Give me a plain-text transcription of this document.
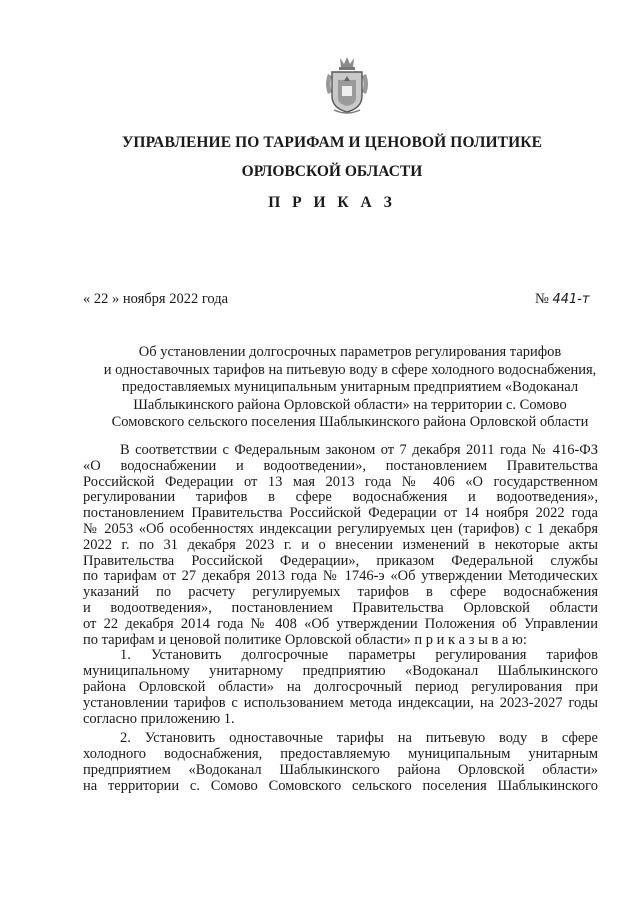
УПРАВЛЕНИЕ ПО ТАРИФАМ И ЦЕНОВОЙ ПОЛИТИКЕ
ОРЛОВСКОЙ ОБЛАСТИ
П Р И К А З
« 22 » ноября 2022 года	№ 441-т
Об установлении долгосрочных параметров регулирования тарифов
и одноставочных тарифов на питьевую воду в сфере холодного водоснабжения,
предоставляемых муниципальным унитарным предприятием «Водоканал
Шаблыкинского района Орловской области» на территории с. Сомово
Сомовского сельского поселения Шаблыкинского района Орловской области
В соответствии с Федеральным законом от 7 декабря 2011 года № 416-ФЗ
«О водоснабжении и водоотведении», постановлением Правительства
Российской Федерации от 13 мая 2013 года № 406 «О государственном
регулировании тарифов в сфере водоснабжения и водоотведения»,
постановлением Правительства Российской Федерации от 14 ноября 2022 года
№ 2053 «Об особенностях индексации регулируемых цен (тарифов) с 1 декабря
2022 г. по 31 декабря 2023 г. и о внесении изменений в некоторые акты
Правительства Российской Федерации», приказом Федеральной службы
по тарифам от 27 декабря 2013 года № 1746-э «Об утверждении Методических
указаний по расчету регулируемых тарифов в сфере водоснабжения
и водоотведения», постановлением Правительства Орловской области
от 22 декабря 2014 года № 408 «Об утверждении Положения об Управлении
по тарифам и ценовой политике Орловской области» п р и к а з ы в а ю:
1. Установить долгосрочные параметры регулирования тарифов
муниципальному унитарному предприятию «Водоканал Шаблыкинского
района Орловской области» на долгосрочный период регулирования при
установлении тарифов с использованием метода индексации, на 2023-2027 годы
согласно приложению 1.
2. Установить одноставочные тарифы на питьевую воду в сфере
холодного водоснабжения, предоставляемую муниципальным унитарным
предприятием «Водоканал Шаблыкинского района Орловской области»
на территории с. Сомово Сомовского сельского поселения Шаблыкинского
